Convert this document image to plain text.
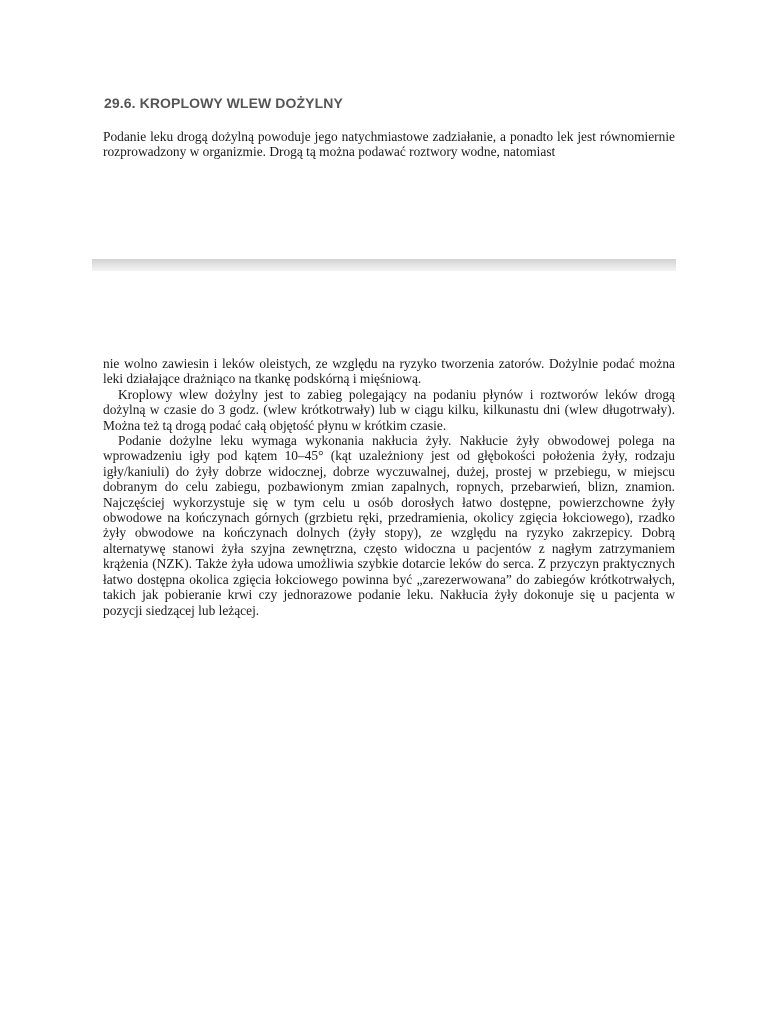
29.6. KROPLOWY WLEW DOŻYLNY

Podanie leku drogą dożylną powoduje jego natychmiastowe zadziałanie, a ponadto lek jest równomiernie rozprowadzony w organizmie. Drogą tą można podawać roztwory wodne, natomiast

nie wolno zawiesin i leków oleistych, ze względu na ryzyko tworzenia zatorów. Dożylnie podać można leki działające drażniąco na tkankę podskórną i mięśniową.

Kroplowy wlew dożylny jest to zabieg polegający na podaniu płynów i roztworów leków drogą dożylną w czasie do 3 godz. (wlew krótkotrwały) lub w ciągu kilku, kilkunastu dni (wlew długotrwały). Można też tą drogą podać całą objętość płynu w krótkim czasie.

Podanie dożylne leku wymaga wykonania nakłucia żyły. Nakłucie żyły obwodowej polega na wprowadzeniu igły pod kątem 10–45° (kąt uzależniony jest od głębokości położenia żyły, rodzaju igły/kaniuli) do żyły dobrze widocznej, dobrze wyczuwalnej, dużej, prostej w przebiegu, w miejscu dobranym do celu zabiegu, pozbawionym zmian zapalnych, ropnych, przebarwień, blizn, znamion. Najczęściej wykorzystuje się w tym celu u osób dorosłych łatwo dostępne, powierzchowne żyły obwodowe na kończynach górnych (grzbietu ręki, przedramienia, okolicy zgięcia łokciowego), rzadko żyły obwodowe na kończynach dolnych (żyły stopy), ze względu na ryzyko zakrzepicy. Dobrą alternatywę stanowi żyła szyjna zewnętrzna, często widoczna u pacjentów z nagłym zatrzymaniem krążenia (NZK). Także żyła udowa umożliwia szybkie dotarcie leków do serca. Z przyczyn praktycznych łatwo dostępna okolica zgięcia łokciowego powinna być „zarezerwowana” do zabiegów krótkotrwałych, takich jak pobieranie krwi czy jednorazowe podanie leku. Nakłucia żyły dokonuje się u pacjenta w pozycji siedzącej lub leżącej.
